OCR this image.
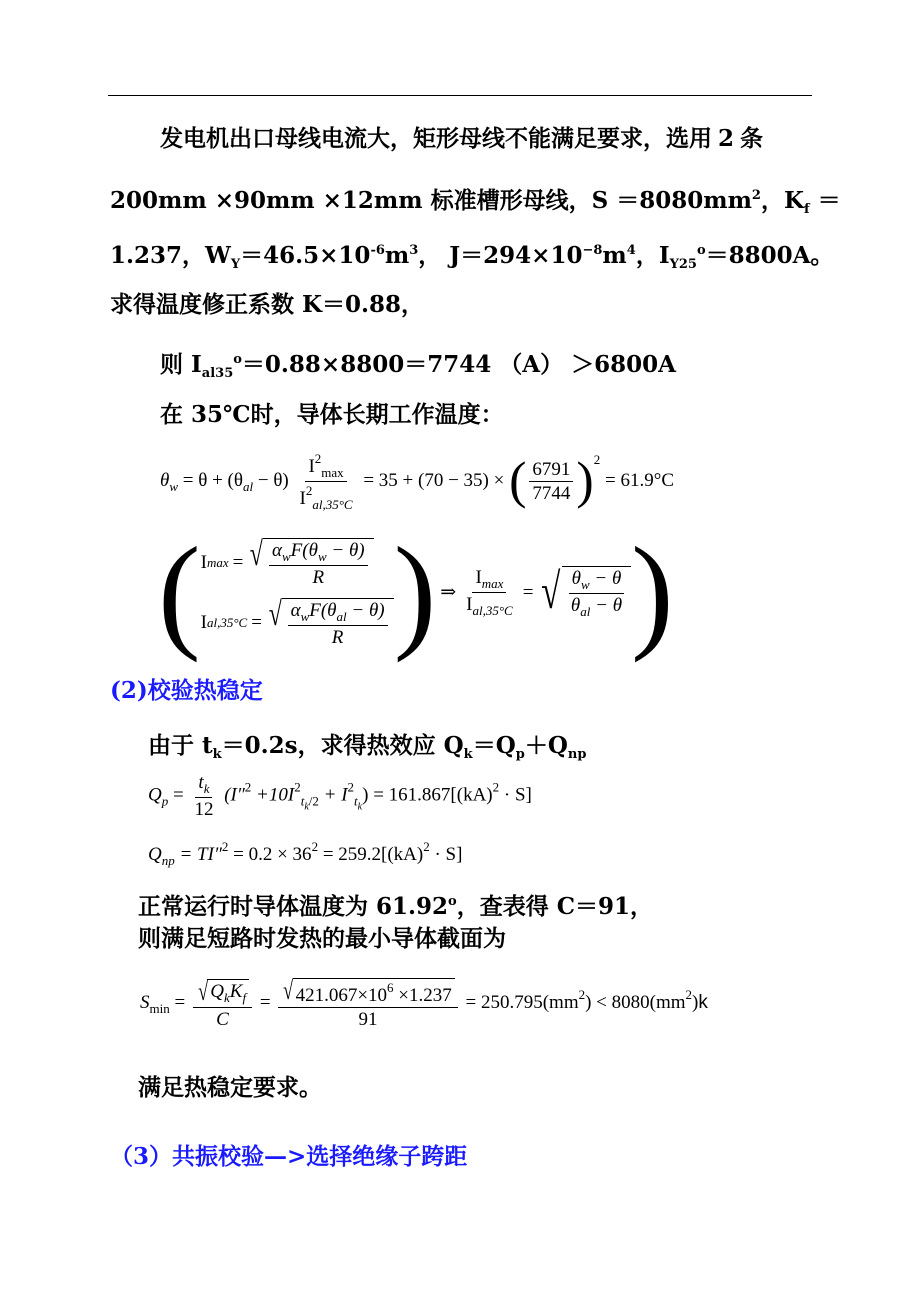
发电机出口母线电流大，矩形母线不能满足要求，选用 2 条
200mm ×90mm ×12mm 标准槽形母线，$S =8080mm^2$，$K_f$ ＝
1.237，$W_Y=46.5\times 10^{-6}m^3$， $J=294\times 10^{-8}m^4$，$I_{Y25}^o=8800A$。
求得温度修正系数 K＝0.88，
则 $I_{al35}^o=0.88\times 8800=7744$ （A） ＞6800A
在 35℃时，导体长期工作温度：
$\theta_w = \theta + (\theta_{al} - \theta) \frac{I^2_{max}}{I^2_{al,35^\circ C}} = 35 + (70 - 35)$ × ( $\frac{6791}{7744} )^2 = 61.9^\circ C$
( I max = √ $\frac{\alpha_wF(\theta_w - \theta)}{R}$
I al,35°C = √ $\frac{\alpha_wF(\theta_{al} - \theta)}{R}$ ) ⇒ $\frac{I_{max}}{I_{al,35^\circ C}}$ = √ $\frac{\theta_w - \theta}{\theta_{al} - \theta}$ )
(2)校验热稳定
由于 $t_k=0.2s$，求得热效应 $Q_k=Q_p+Q_{np}$
$Q_p = \frac{t_k}{12} (I''^2 +10I^2_{tk/2} + I^2_{tk}) = 161.867[(kA)^2 \cdot S]$
$Q_{np} = TI''^2 = 0.2 \times 36^2 = 259.2[(kA)^2 \cdot S]$
正常运行时导体温度为 61.92$^o$，查表得 C＝91，
则满足短路时发热的最小导体截面为
$S_{min} = \frac{√ Q_kK_f}{C} = \frac{√ 421.067\times 10^6 \times 1.237}{91} = 250.795(mm^2) < 8080(mm^2)k$
满足热稳定要求。
（3）共振校验—>选择绝缘子跨距
